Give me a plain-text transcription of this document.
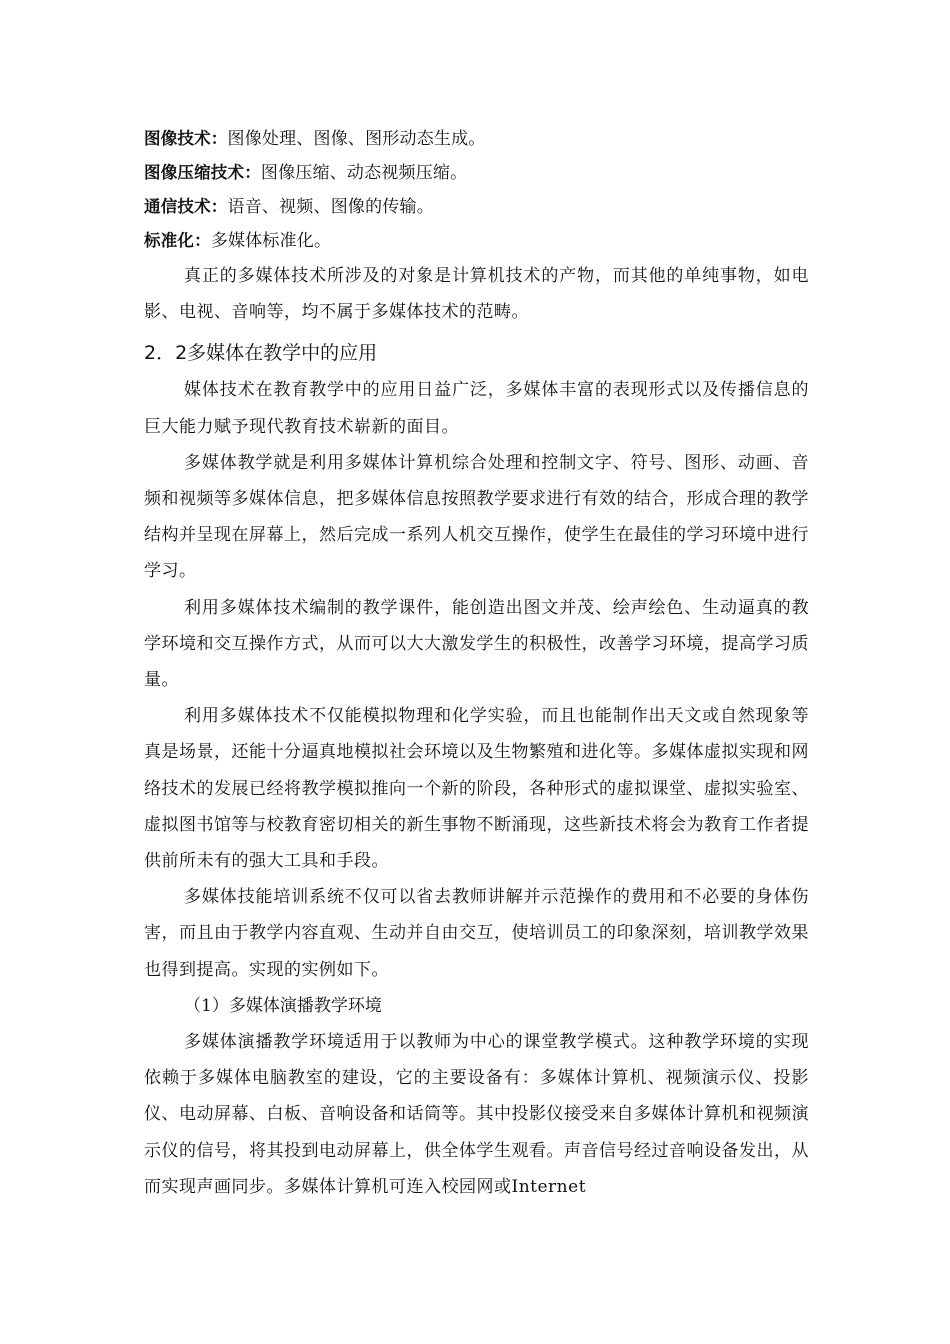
图像技术：图像处理、图像、图形动态生成。
图像压缩技术：图像压缩、动态视频压缩。
通信技术：语音、视频、图像的传输。
标准化：多媒体标准化。

真正的多媒体技术所涉及的对象是计算机技术的产物，而其他的单纯事物，如电影、电视、音响等，均不属于多媒体技术的范畴。

2．2多媒体在教学中的应用

媒体技术在教育教学中的应用日益广泛，多媒体丰富的表现形式以及传播信息的巨大能力赋予现代教育技术崭新的面目。

多媒体教学就是利用多媒体计算机综合处理和控制文字、符号、图形、动画、音频和视频等多媒体信息，把多媒体信息按照教学要求进行有效的结合，形成合理的教学结构并呈现在屏幕上，然后完成一系列人机交互操作，使学生在最佳的学习环境中进行学习。

利用多媒体技术编制的教学课件，能创造出图文并茂、绘声绘色、生动逼真的教学环境和交互操作方式，从而可以大大激发学生的积极性，改善学习环境，提高学习质量。

利用多媒体技术不仅能模拟物理和化学实验，而且也能制作出天文或自然现象等真是场景，还能十分逼真地模拟社会环境以及生物繁殖和进化等。多媒体虚拟实现和网络技术的发展已经将教学模拟推向一个新的阶段，各种形式的虚拟课堂、虚拟实验室、虚拟图书馆等与校教育密切相关的新生事物不断涌现，这些新技术将会为教育工作者提供前所未有的强大工具和手段。

多媒体技能培训系统不仅可以省去教师讲解并示范操作的费用和不必要的身体伤害，而且由于教学内容直观、生动并自由交互，使培训员工的印象深刻，培训教学效果也得到提高。实现的实例如下。

（1）多媒体演播教学环境

多媒体演播教学环境适用于以教师为中心的课堂教学模式。这种教学环境的实现依赖于多媒体电脑教室的建设，它的主要设备有：多媒体计算机、视频演示仪、投影仪、电动屏幕、白板、音响设备和话筒等。其中投影仪接受来自多媒体计算机和视频演示仪的信号，将其投到电动屏幕上，供全体学生观看。声音信号经过音响设备发出，从而实现声画同步。多媒体计算机可连入校园网或Internet
